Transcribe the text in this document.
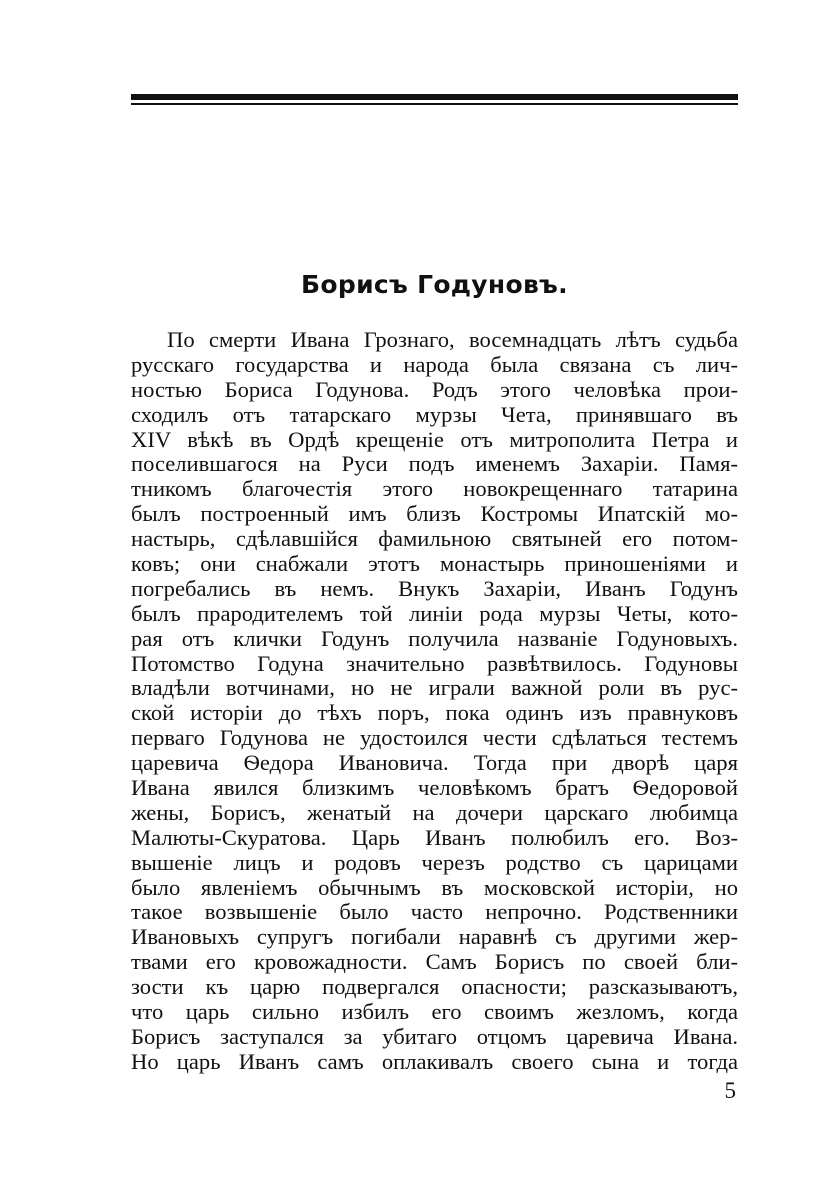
Борисъ Годуновъ.
По смерти Ивана Грознаго, восемнадцать лѣтъ судьба
русскаго государства и народа была связана съ лич-
ностью Бориса Годунова. Родъ этого человѣка прои-
сходилъ отъ татарскаго мурзы Чета, принявшаго въ
XIV вѣкѣ въ Ордѣ крещеніе отъ митрополита Петра и
поселившагося на Руси подъ именемъ Захаріи. Памя-
тникомъ благочестія этого новокрещеннаго татарина
былъ построенный имъ близъ Костромы Ипатскій мо-
настырь, сдѣлавшійся фамильною святыней его потом-
ковъ; они снабжали этотъ монастырь приношеніями и
погребались въ немъ. Внукъ Захаріи, Иванъ Годунъ
былъ прародителемъ той линіи рода мурзы Четы, кото-
рая отъ клички Годунъ получила названіе Годуновыхъ.
Потомство Годуна значительно развѣтвилось. Годуновы
владѣли вотчинами, но не играли важной роли въ рус-
ской исторіи до тѣхъ поръ, пока одинъ изъ правнуковъ
перваго Годунова не удостоился чести сдѣлаться тестемъ
царевича Ѳедора Ивановича. Тогда при дворѣ царя
Ивана явился близкимъ человѣкомъ братъ Ѳедоровой
жены, Борисъ, женатый на дочери царскаго любимца
Малюты-Скуратова. Царь Иванъ полюбилъ его. Воз-
вышеніе лицъ и родовъ черезъ родство съ царицами
было явленіемъ обычнымъ въ московской исторіи, но
такое возвышеніе было часто непрочно. Родственники
Ивановыхъ супругъ погибали наравнѣ съ другими жер-
твами его кровожадности. Самъ Борисъ по своей бли-
зости къ царю подвергался опасности; разсказываютъ,
что царь сильно избилъ его своимъ жезломъ, когда
Борисъ заступался за убитаго отцомъ царевича Ивана.
Но царь Иванъ самъ оплакивалъ своего сына и тогда
5
